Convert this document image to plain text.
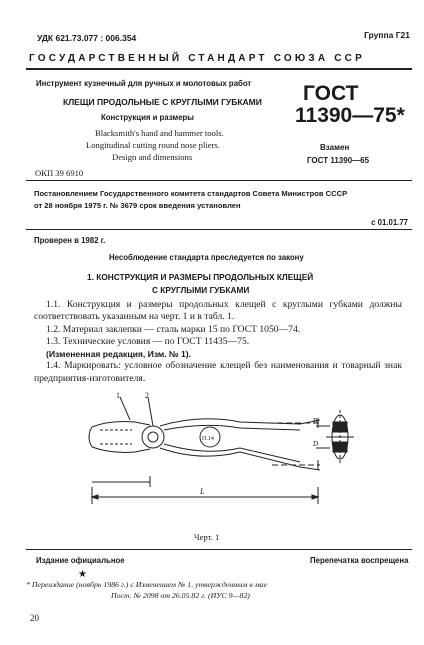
УДК 621.73.077 : 006.354	Группа Г21
ГОСУДАРСТВЕННЫЙ СТАНДАРТ СОЮЗА ССР
Инструмент кузнечный для ручных и молотовых работ
КЛЕЩИ ПРОДОЛЬНЫЕ С КРУГЛЫМИ ГУБКАМИ
Конструкция и размеры
Blacksmith's hand and hammer tools.
Longitudinal cutting round nose pliers.
Design and dimensions
ГОСТ
11390—75*
Взамен
ГОСТ 11390—65
ОКП 39 6910
Постановлением Государственного комитета стандартов Совета Министров СССР
от 28 ноября 1975 г. № 3679 срок введения установлен
с 01.01.77
Проверен в 1982 г.
Несоблюдение стандарта преследуется по закону
1. КОНСТРУКЦИЯ И РАЗМЕРЫ ПРОДОЛЬНЫХ КЛЕЩЕЙ
С КРУГЛЫМИ ГУБКАМИ

1.1. Конструкция и размеры продольных клещей с круглыми губками должны соответствовать указанным на черт. 1 и в табл. 1.

1.2. Материал заклепки — сталь марки 15 по ГОСТ 1050—74.

1.3. Технические условия — по ГОСТ 11435—75.

(Измененная редакция, Изм. № 1).

1.4. Маркировать: условное обозначение клещей без наименования и товарный знак предприятия-изготовителя.

1	2
П.14
L
В
D
Черт. 1
Издание официальное	Перепечатка воспрещена
★
* Переиздание (ноябрь 1986 г.) с Изменением № 1, утвержденным в мае
Пост. № 2098 от 26.05.82 г. (ИУС 9—82)
20
